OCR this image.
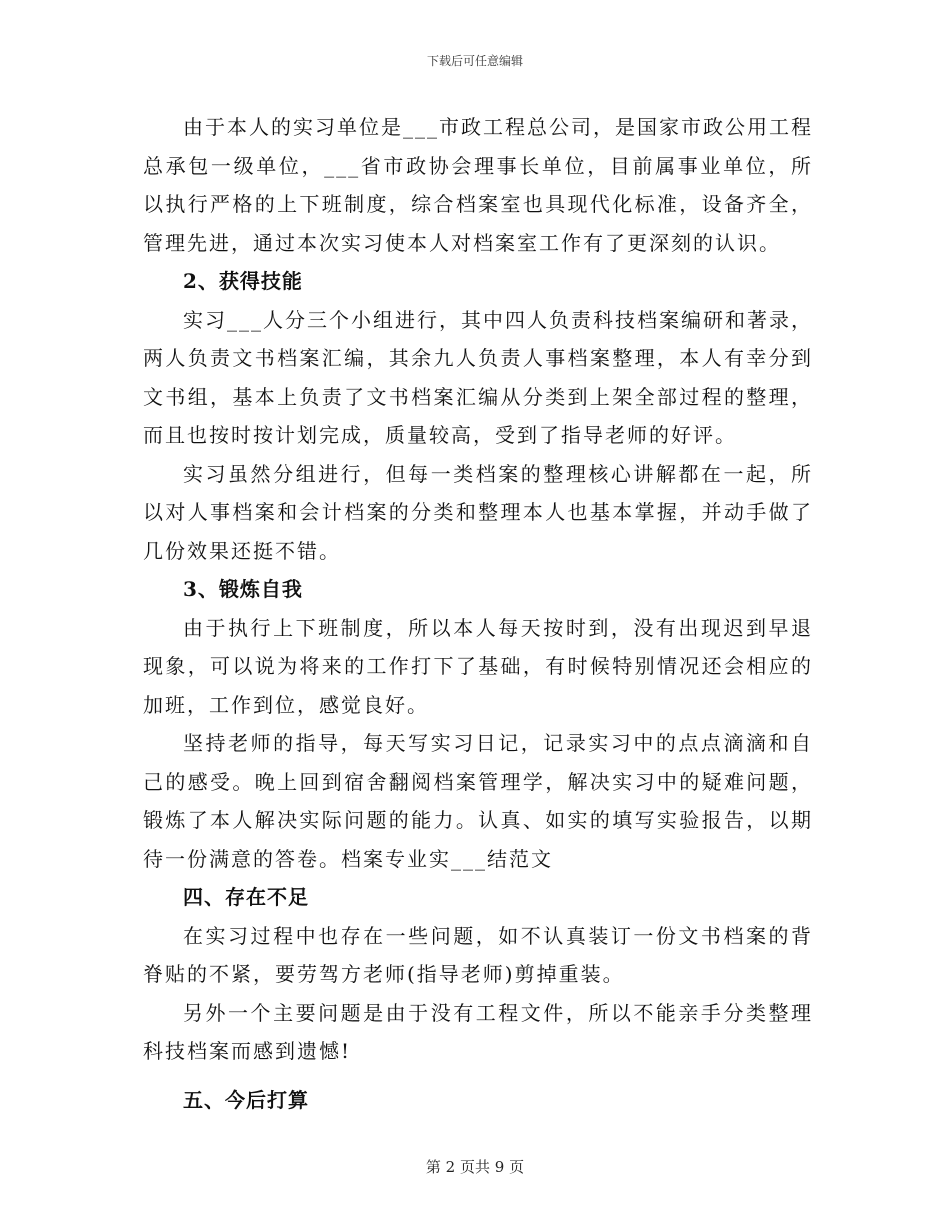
下载后可任意编辑

由于本人的实习单位是___市政工程总公司，是国家市政公用工程总承包一级单位，___省市政协会理事长单位，目前属事业单位，所以执行严格的上下班制度，综合档案室也具现代化标准，设备齐全，管理先进，通过本次实习使本人对档案室工作有了更深刻的认识。

2、获得技能

实习___人分三个小组进行，其中四人负责科技档案编研和著录，两人负责文书档案汇编，其余九人负责人事档案整理，本人有幸分到文书组，基本上负责了文书档案汇编从分类到上架全部过程的整理，而且也按时按计划完成，质量较高，受到了指导老师的好评。

实习虽然分组进行，但每一类档案的整理核心讲解都在一起，所以对人事档案和会计档案的分类和整理本人也基本掌握，并动手做了几份效果还挺不错。

3、锻炼自我

由于执行上下班制度，所以本人每天按时到，没有出现迟到早退现象，可以说为将来的工作打下了基础，有时候特别情况还会相应的加班，工作到位，感觉良好。

坚持老师的指导，每天写实习日记，记录实习中的点点滴滴和自己的感受。晚上回到宿舍翻阅档案管理学，解决实习中的疑难问题，锻炼了本人解决实际问题的能力。认真、如实的填写实验报告，以期待一份满意的答卷。档案专业实___结范文

四、存在不足

在实习过程中也存在一些问题，如不认真装订一份文书档案的背脊贴的不紧，要劳驾方老师(指导老师)剪掉重装。

另外一个主要问题是由于没有工程文件，所以不能亲手分类整理科技档案而感到遗憾!

五、今后打算

第 2 页共 9 页
